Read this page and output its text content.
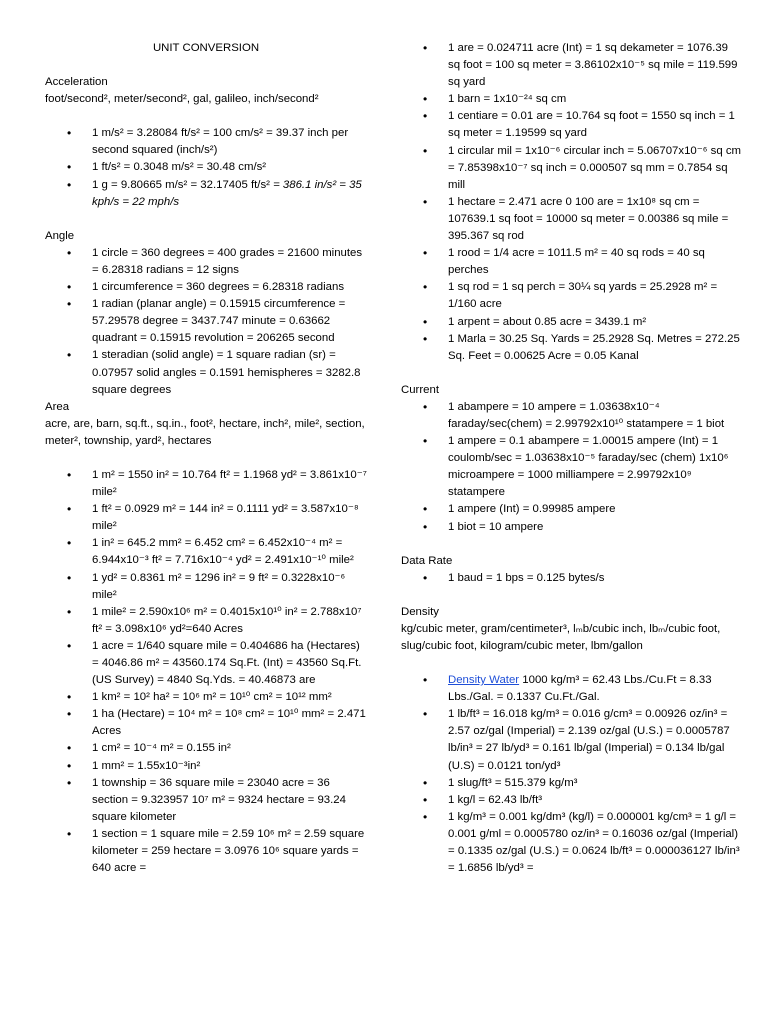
UNIT CONVERSION
Acceleration
foot/second², meter/second², gal, galileo, inch/second²
• 1 m/s² = 3.28084 ft/s² = 100 cm/s² = 39.37 inch per second squared (inch/s²)
• 1 ft/s² = 0.3048 m/s² = 30.48 cm/s²
• 1 g = 9.80665 m/s² = 32.17405 ft/s² = 386.1 in/s² = 35 kph/s = 22 mph/s
Angle
• 1 circle = 360 degrees = 400 grades = 21600 minutes = 6.28318 radians = 12 signs
• 1 circumference = 360 degrees = 6.28318 radians
• 1 radian (planar angle) = 0.15915 circumference = 57.29578 degree = 3437.747 minute = 0.63662 quadrant = 0.15915 revolution = 206265 second
• 1 steradian (solid angle) = 1 square radian (sr) = 0.07957 solid angles = 0.1591 hemispheres = 3282.8 square degrees
Area
acre, are, barn, sq.ft., sq.in., foot², hectare, inch², mile², section, meter², township, yard², hectares
• 1 m² = 1550 in² = 10.764 ft² = 1.1968 yd² = 3.861x10⁻⁷ mile²
• 1 ft² = 0.0929 m² = 144 in² = 0.1111 yd² = 3.587x10⁻⁸ mile²
• 1 in² = 645.2 mm² = 6.452 cm² = 6.452x10⁻⁴ m² = 6.944x10⁻³ ft² = 7.716x10⁻⁴ yd² = 2.491x10⁻¹⁰ mile²
• 1 yd² = 0.8361 m² = 1296 in² = 9 ft² = 0.3228x10⁻⁶ mile²
• 1 mile² = 2.590x10⁶ m² = 0.4015x10¹⁰ in² = 2.788x10⁷ ft² = 3.098x10⁶ yd²=640 Acres
• 1 acre = 1/640 square mile = 0.404686 ha (Hectares) = 4046.86 m² = 43560.174 Sq.Ft. (Int) = 43560 Sq.Ft. (US Survey) = 4840 Sq.Yds. = 40.46873 are
• 1 km² = 10² ha² = 10⁶ m² = 10¹⁰ cm² = 10¹² mm²
• 1 ha (Hectare) = 10⁴ m² = 10⁸ cm² = 10¹⁰ mm² = 2.471 Acres
• 1 cm² = 10⁻⁴ m² = 0.155 in²
• 1 mm² = 1.55x10⁻³in²
• 1 township = 36 square mile = 23040 acre = 36 section = 9.323957 10⁷ m² = 9324 hectare = 93.24 square kilometer
• 1 section = 1 square mile = 2.59 10⁶ m² = 2.59 square kilometer = 259 hectare = 3.0976 10⁶ square yards = 640 acre =
• 1 are = 0.024711 acre (Int) = 1 sq dekameter = 1076.39 sq foot = 100 sq meter = 3.86102x10⁻⁵ sq mile = 119.599 sq yard
• 1 barn = 1x10⁻²⁴ sq cm
• 1 centiare = 0.01 are = 10.764 sq foot = 1550 sq inch = 1 sq meter = 1.19599 sq yard
• 1 circular mil = 1x10⁻⁶ circular inch = 5.06707x10⁻⁶ sq cm = 7.85398x10⁻⁷ sq inch = 0.000507 sq mm = 0.7854 sq mill
• 1 hectare = 2.471 acre 0 100 are = 1x10⁸ sq cm = 107639.1 sq foot = 10000 sq meter = 0.00386 sq mile = 395.367 sq rod
• 1 rood = 1/4 acre = 1011.5 m² = 40 sq rods = 40 sq perches
• 1 sq rod = 1 sq perch = 30¼ sq yards = 25.2928 m² = 1/160 acre
• 1 arpent = about 0.85 acre = 3439.1 m²
• 1 Marla = 30.25 Sq. Yards = 25.2928 Sq. Metres = 272.25 Sq. Feet = 0.00625 Acre = 0.05 Kanal
Current
• 1 abampere = 10 ampere = 1.03638x10⁻⁴ faraday/sec(chem) = 2.99792x10¹⁰ statampere = 1 biot
• 1 ampere = 0.1 abampere = 1.00015 ampere (Int) = 1 coulomb/sec = 1.03638x10⁻⁵ faraday/sec (chem) 1x10⁶ microampere = 1000 milliampere = 2.99792x10⁹ statampere
• 1 ampere (Int) = 0.99985 ampere
• 1 biot = 10 ampere
Data Rate
• 1 baud = 1 bps = 0.125 bytes/s
Density
kg/cubic meter, gram/centimeter³, lₘb/cubic inch, lbₘ/cubic foot, slug/cubic foot, kilogram/cubic meter, lbm/gallon
• Density Water 1000 kg/m³ = 62.43 Lbs./Cu.Ft = 8.33 Lbs./Gal. = 0.1337 Cu.Ft./Gal.
• 1 lb/ft³ = 16.018 kg/m³ = 0.016 g/cm³ = 0.00926 oz/in³ = 2.57 oz/gal (Imperial) = 2.139 oz/gal (U.S.) = 0.0005787 lb/in³ = 27 lb/yd³ = 0.161 lb/gal (Imperial) = 0.134 lb/gal (U.S) = 0.0121 ton/yd³
• 1 slug/ft³ = 515.379 kg/m³
• 1 kg/l = 62.43 lb/ft³
• 1 kg/m³ = 0.001 kg/dm³ (kg/l) = 0.000001 kg/cm³ = 1 g/l = 0.001 g/ml = 0.0005780 oz/in³ = 0.16036 oz/gal (Imperial) = 0.1335 oz/gal (U.S.) = 0.0624 lb/ft³ = 0.000036127 lb/in³ = 1.6856 lb/yd³ =
